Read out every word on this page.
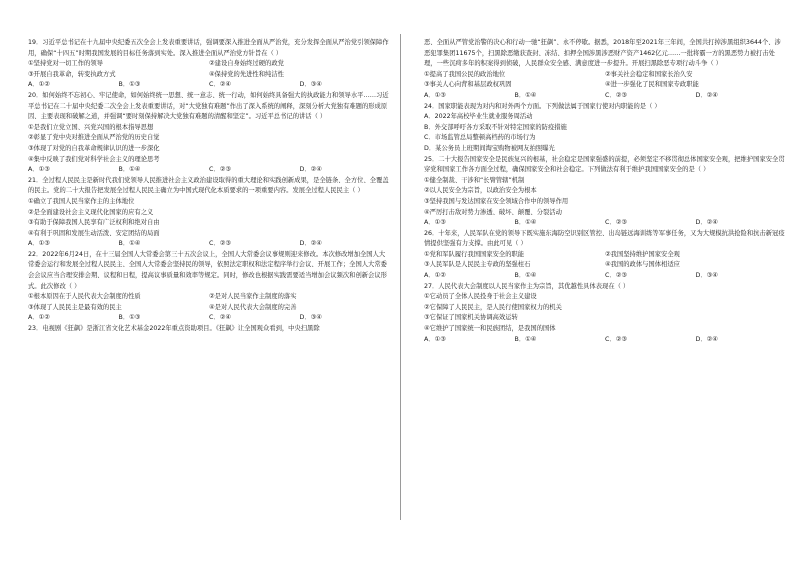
19．习近平总书记在十九届中央纪委五次全会上发表重要讲话，强调要深入推进全面从严治党，充分发挥全面从严治党引领保障作用，确保“十四五”时期我国发展的目标任务落到实处。深入推进全面从严治党方针旨在（ ）

①坚持党对一切工作的领导	②建设自身始终过硬的政党
③开展自我革命，转变执政方式	④保持党的先进性和纯洁性
A．①②	B．①③	C．②④	D．③④

20．如何始终不忘初心、牢记使命，如何始终统一思想、统一意志、统一行动，如何始终具备强大的执政能力和领导水平……习近平总书记在二十届中央纪委二次全会上发表重要讲话，对“大党独有难题”作出了深入系统的阐释，深刻分析大党独有难题的形成原因、主要表现和破解之道，并强调“要时刻保持解决大党独有难题的清醒和坚定”。习近平总书记的讲话（ ）

①是我们立党立国、兴党兴国的根本指导思想

②彰显了党中央对推进全面从严治党的历史自觉

③体现了对党的自我革命规律认识的进一步深化

④集中反映了我们党对科学社会主义的理论思考

A．①③	B．①④	C．②③	D．②④

21．全过程人民民主是新时代我们党领导人民推进社会主义政治建设取得的重大理论和实践创新成果，是全链条、全方位、全覆盖的民主。党的二十大报告把发展全过程人民民主确立为中国式现代化本质要求的一项重要内容。发展全过程人民民主（ ）

①确立了我国人民当家作主的主体地位

②是全面建设社会主义现代化国家的应有之义

③有助于保障我国人民享有广泛权利和绝对自由

④有利于巩固和发展生动活泼、安定团结的局面

A．①③	B．①④	C．②③	D．②④

22．2022年6月24日，在十三届全国人大常委会第三十五次会议上，全国人大常委会议事规则迎来修改。本次修改增加全国人大常委会运行和发展全过程人民民主、全国人大常委会坚持民的领导，依照法定职权和法定程序举行会议、开展工作；全国人大常委会会议应当合理安排会期、议程和日程，提高议事质量和效率等规定。同时，修改也根据实践需要适当增加会议频次和创新会议形式。此次修改（ ）

①根本原因在于人民代表大会制度的性质	②是对人民当家作主制度的落实
③体现了人民民主是最有效的民主	④是对人民代表大会制度的完善
A．①②	B．①③	C．②④	D．③④

23．电视剧《狂飙》是浙江省文化艺术基金2022年重点资助项目。《狂飙》让全国观众看到，中央扫黑除

恶、全面从严管党治警的决心和行动一驰“狂飙”、永不停歇。据悉，2018年至2021年三年间，全国共打掉涉黑组织3644个、涉恶犯罪集团11675个，扫黑除恶缴获查封、冻结、扣押全国涉黑涉恶财产资产1462亿元……一批将霸一方的黑恶势力被打击处理，一些沉疴多年的积案得到侦破，人民群众安全感、满意度进一步提升。开展扫黑除恶专项行动斗争（ ）

①提高了我国公民的政治地位	②事关社会稳定和国家长治久安
③事关人心向背和基层政权巩固	④进一步强化了民和国家专政职能
A．①③	B．①④	C．②③	D．②④

24．国家职能表现为对内和对外两个方面。下列做法属于国家行使对内职能的是（ ）

A．2022年高校毕业生就业服务周活动

B．外交部呼吁各方采取不针对特定国家的防疫措施

C．市场监管总局整顿高档药的市场行为

D．某公务员上班期间淘宝购物被网友拍照曝光

25．二十大报告国家安全是民族复兴的根基，社会稳定是国家强盛的前提，必须坚定不移贯彻总体国家安全观，把维护国家安全贯穿党和国家工作各方面全过程，确保国家安全和社会稳定。下列做法有利于维护我国国家安全的是（ ）

①健全制裁、干涉和“长臂管辖”机制

②以人民安全为宗旨，以政治安全为根本

③坚持我国与发达国家在安全领域合作中的领导作用

④严厉打击敌对势力渗透、破坏、颠覆、分裂活动

A．①③	B．①④	C．②③	D．②④

26．十年来，人民军队在党的领导下既实施东海防空识别区管控、出岛链远海训练等军事任务，又为大规模抗洪抢险和抗击新冠疫情提供坚强有力支撑。由此可见（ ）

①党和军队履行我国国家安全的职能	②我国坚持维护国家安全观
③人民军队是人民民主专政的坚强柱石	④我国的政体与国体相适应
A．①②	B．①④	C．②③	D．③④

27．人民代表大会制度以人民当家作主为宗旨，其优越性具体表现在（ ）

①它动员了全体人民投身于社会主义建设

②它保障了人民民主，是人民行使国家权力的机关

③它保证了国家机关协调高效运转

④它维护了国家统一和民族团结，是我国的国体

A．①③	B．①④	C．②③	D．②④
